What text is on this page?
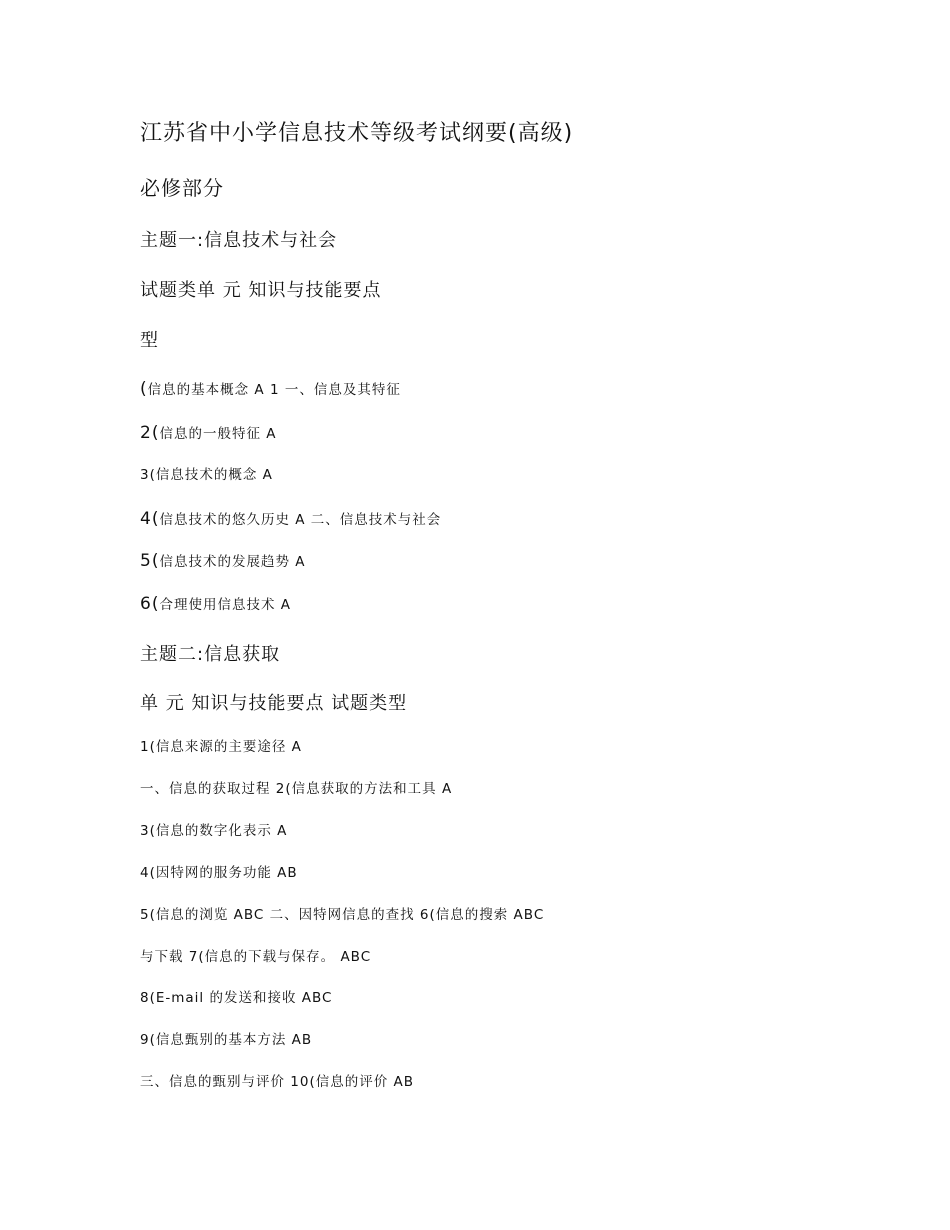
江苏省中小学信息技术等级考试纲要(高级)
必修部分
主题一:信息技术与社会
试题类单 元 知识与技能要点
型
(信息的基本概念 A 1 一、信息及其特征
2(信息的一般特征 A
3(信息技术的概念 A
4(信息技术的悠久历史 A 二、信息技术与社会
5(信息技术的发展趋势 A
6(合理使用信息技术 A
主题二:信息获取
单 元 知识与技能要点 试题类型
1(信息来源的主要途径 A
一、信息的获取过程 2(信息获取的方法和工具 A
3(信息的数字化表示 A
4(因特网的服务功能 AB
5(信息的浏览 ABC 二、因特网信息的查找 6(信息的搜索 ABC
与下载 7(信息的下载与保存。 ABC
8(E-mail 的发送和接收 ABC
9(信息甄别的基本方法 AB
三、信息的甄别与评价 10(信息的评价 AB
